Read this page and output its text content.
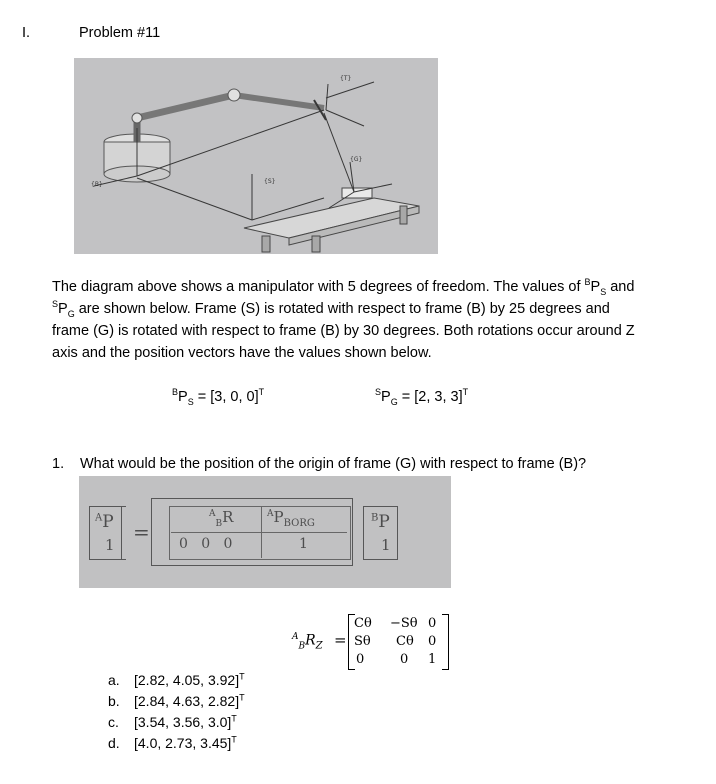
I.	Problem #11
{T}
{G}
{S}
{B}
The diagram above shows a manipulator with 5 degrees of freedom. The values of $^BP_S$ and
$^SP_G$ are shown below. Frame (S) is rotated with respect to frame (B) by 25 degrees and
frame (G) is rotated with respect to frame (B) by 30 degrees. Both rotations occur around Z
axis and the position vectors have the values shown below.
$^BP_S = [3$, 0, 0]$^T$	$^SP_G = [2$, 3, 3]$^T$
1. What would be the position of the origin of frame (G) with respect to frame (B)?
$^A$P
1
=
$^A_B$R	$^AP_{BORG}$
0   0   0	1
$^B$P
1
$^A_BR_Z$ =
Cθ −Sθ 0
Sθ Cθ 0
0	0 1
a. [2.82, 4.05, 3.92]$^T$
b. [2.84, 4.63, 2.82]$^T$
c. [3.54, 3.56, 3.0]$^T$
d. [4.0, 2.73, 3.45]$^T$
